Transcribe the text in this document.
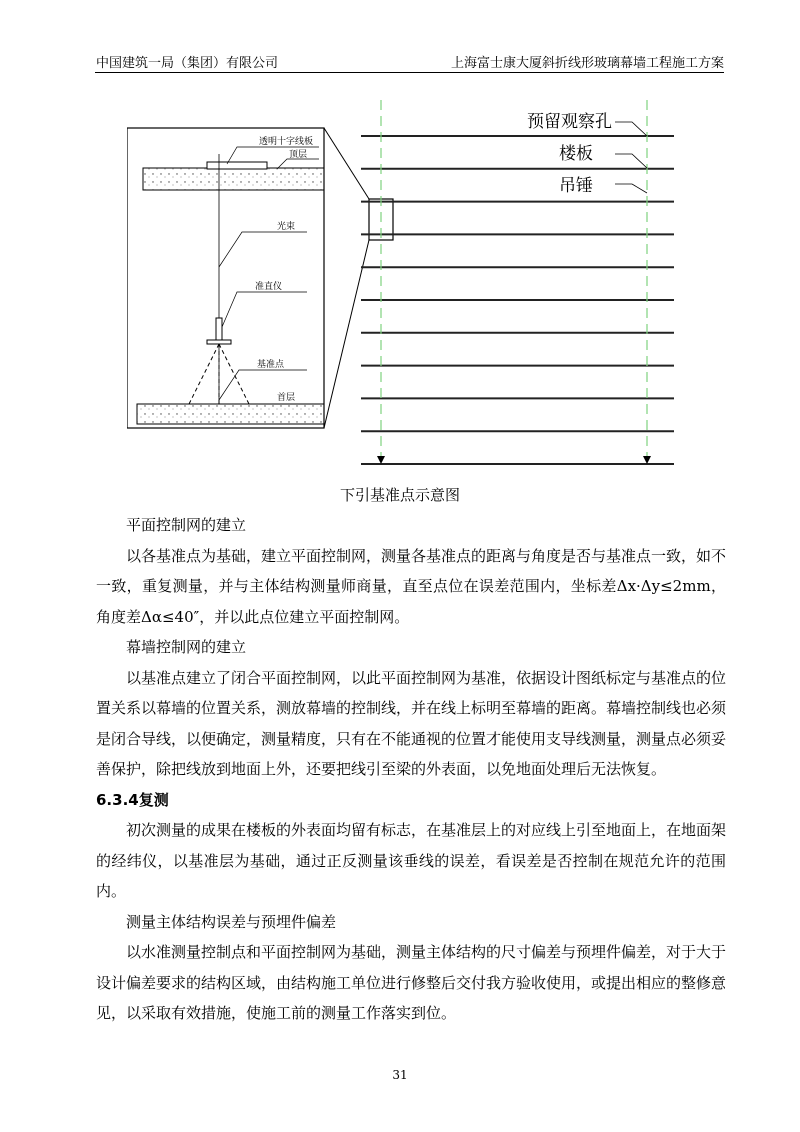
中国建筑一局（集团）有限公司	上海富士康大厦斜折线形玻璃幕墙工程施工方案
透明十字线板
顶层
光束
准直仪
基准点
首层
预留观察孔
楼板
吊锤
下引基准点示意图

平面控制网的建立

以各基准点为基础，建立平面控制网，测量各基准点的距离与角度是否与基准点一致，如不一致，重复测量，并与主体结构测量师商量，直至点位在误差范围内，坐标差Δx·Δy≤2mm，角度差Δα≤40″，并以此点位建立平面控制网。

幕墙控制网的建立

以基准点建立了闭合平面控制网，以此平面控制网为基准，依据设计图纸标定与基准点的位置关系以幕墙的位置关系，测放幕墙的控制线，并在线上标明至幕墙的距离。幕墙控制线也必须是闭合导线，以便确定，测量精度，只有在不能通视的位置才能使用支导线测量，测量点必须妥善保护，除把线放到地面上外，还要把线引至梁的外表面，以免地面处理后无法恢复。

6.3.4复测

初次测量的成果在楼板的外表面均留有标志，在基准层上的对应线上引至地面上，在地面架的经纬仪，以基准层为基础，通过正反测量该垂线的误差，看误差是否控制在规范允许的范围内。

测量主体结构误差与预埋件偏差

以水准测量控制点和平面控制网为基础，测量主体结构的尺寸偏差与预埋件偏差，对于大于设计偏差要求的结构区域，由结构施工单位进行修整后交付我方验收使用，或提出相应的整修意见，以采取有效措施，使施工前的测量工作落实到位。

31
